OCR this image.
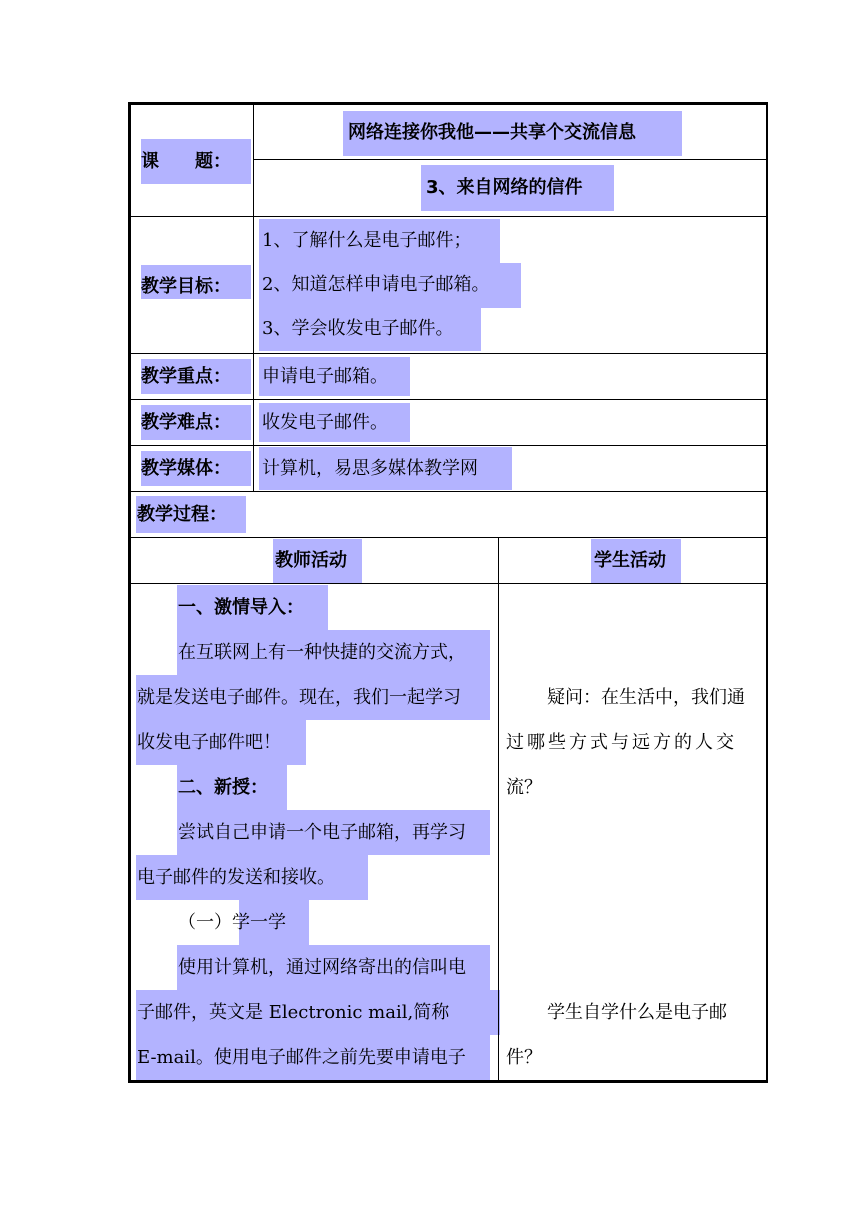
课　　题：
网络连接你我他——共享个交流信息
3、来自网络的信件
教学目标：
1、了解什么是电子邮件；
2、知道怎样申请电子邮箱。
3、学会收发电子邮件。
教学重点： 申请电子邮箱。
教学难点： 收发电子邮件。
教学媒体： 计算机，易思多媒体教学网
教学过程：
教师活动	学生活动
一、激情导入：
在互联网上有一种快捷的交流方式，
就是发送电子邮件。现在，我们一起学习
收发电子邮件吧！
二、新授：
尝试自己申请一个电子邮箱，再学习
电子邮件的发送和接收。
（一）学一学
使用计算机，通过网络寄出的信叫电
子邮件，英文是 Electronic mail,简称
E-mail。使用电子邮件之前先要申请电子
疑问：在生活中，我们通
过哪些方式与远方的人交
流？
学生自学什么是电子邮
件？
